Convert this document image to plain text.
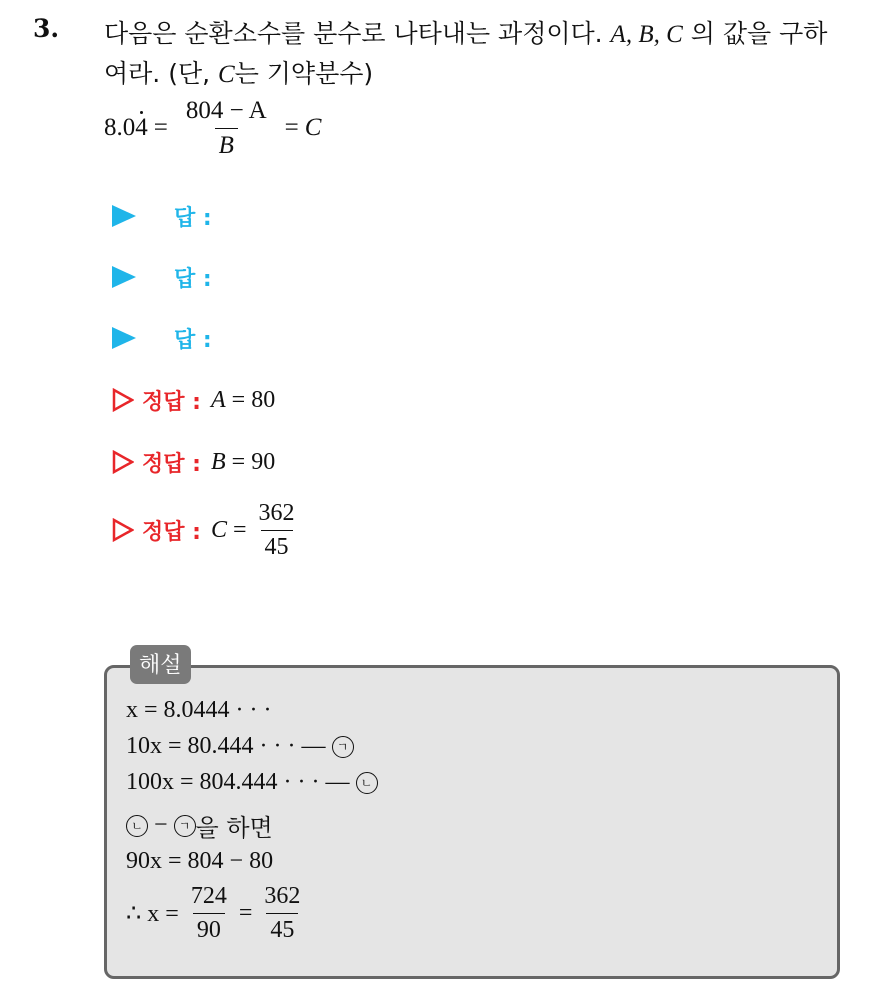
3. 다음은 순환소수를 분수로 나타내는 과정이다. A, B, C 의 값을 구하
여라. (단, C는 기약분수)
$8.04 = \frac{804 - A}{B} = C$
답 :
답 :
답 :
정답 : A = 80
정답 : B = 90
정답 : $C = \frac{362}{45}$
해설
x = 8.0444 · · ·
10x = 80.444 · · · —
ㄱ
100x = 804.444 · · · —
ㄴ
ㄴ − ㄱ 을 하면
90x = 804 − 80
∴ $x = \frac{724}{90} = \frac{362}{45}$
